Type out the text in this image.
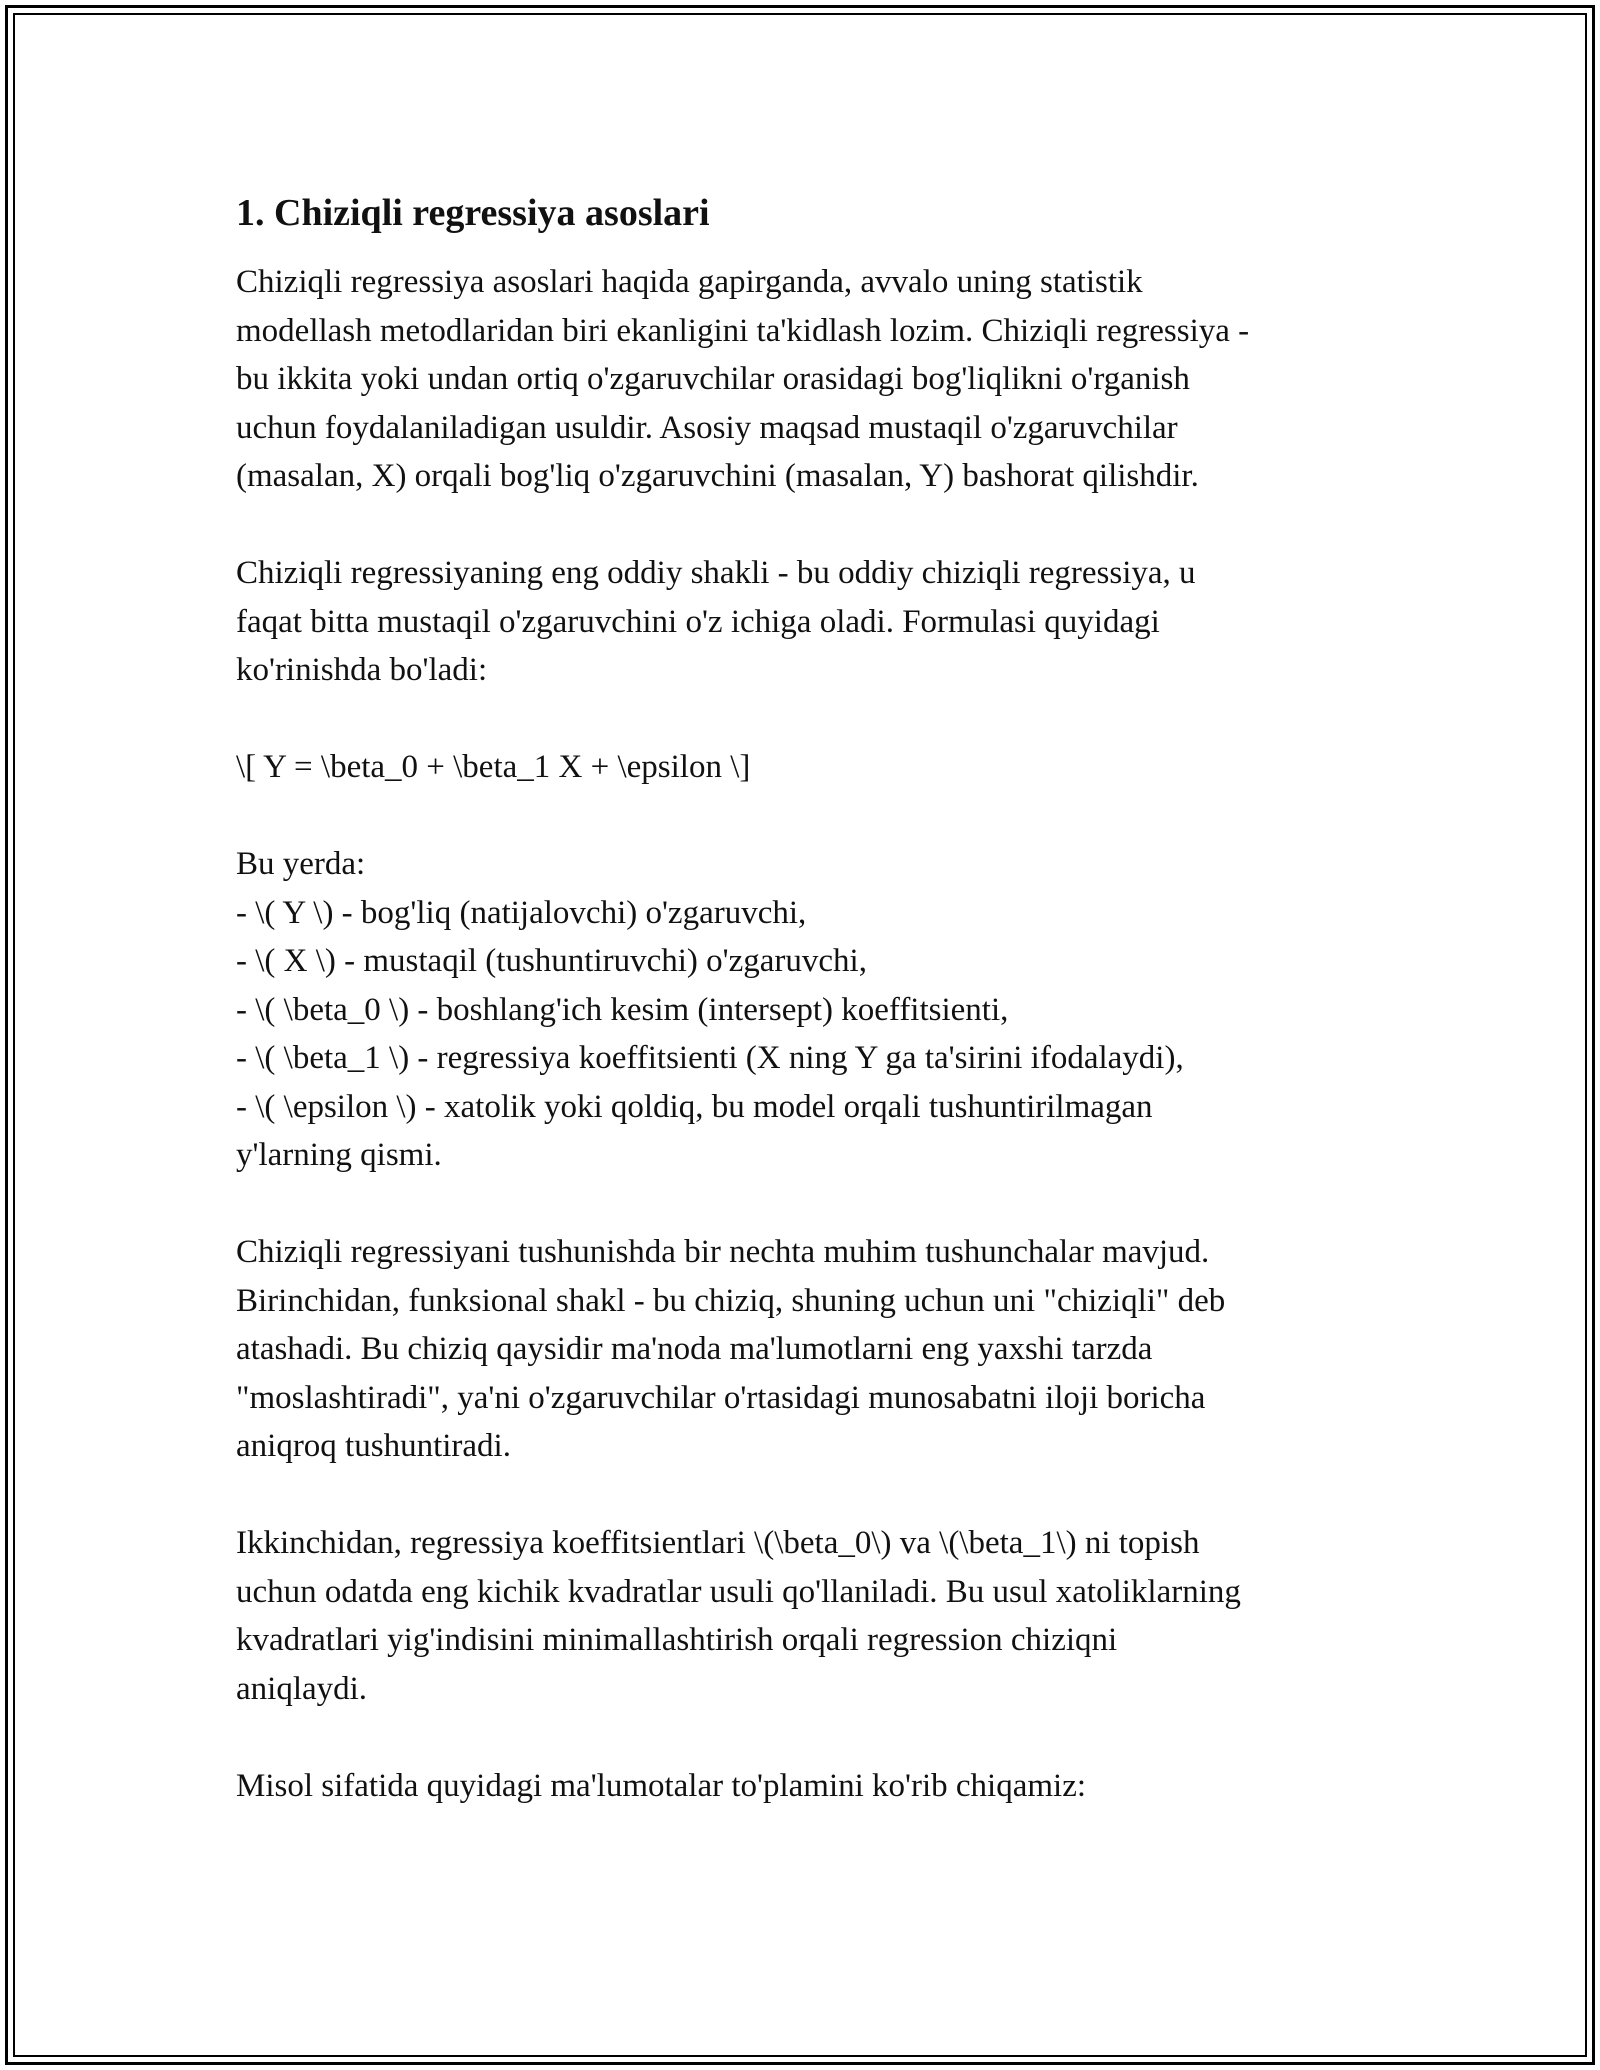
1. Chiziqli regressiya asoslari

Chiziqli regressiya asoslari haqida gapirganda, avvalo uning statistik
modellash metodlaridan biri ekanligini ta'kidlash lozim. Chiziqli regressiya -
bu ikkita yoki undan ortiq o'zgaruvchilar orasidagi bog'liqlikni o'rganish
uchun foydalaniladigan usuldir. Asosiy maqsad mustaqil o'zgaruvchilar
(masalan, X) orqali bog'liq o'zgaruvchini (masalan, Y) bashorat qilishdir.

Chiziqli regressiyaning eng oddiy shakli - bu oddiy chiziqli regressiya, u
faqat bitta mustaqil o'zgaruvchini o'z ichiga oladi. Formulasi quyidagi
ko'rinishda bo'ladi:

\[ Y = \beta_0 + \beta_1 X + \epsilon \]

Bu yerda:
- \( Y \) - bog'liq (natijalovchi) o'zgaruvchi,
- \( X \) - mustaqil (tushuntiruvchi) o'zgaruvchi,
- \( \beta_0 \) - boshlang'ich kesim (intersept) koeffitsienti,
- \( \beta_1 \) - regressiya koeffitsienti (X ning Y ga ta'sirini ifodalaydi),
- \( \epsilon \) - xatolik yoki qoldiq, bu model orqali tushuntirilmagan
y'larning qismi.

Chiziqli regressiyani tushunishda bir nechta muhim tushunchalar mavjud.
Birinchidan, funksional shakl - bu chiziq, shuning uchun uni "chiziqli" deb
atashadi. Bu chiziq qaysidir ma'noda ma'lumotlarni eng yaxshi tarzda
"moslashtiradi", ya'ni o'zgaruvchilar o'rtasidagi munosabatni iloji boricha
aniqroq tushuntiradi.

Ikkinchidan, regressiya koeffitsientlari \(\beta_0\) va \(\beta_1\) ni topish
uchun odatda eng kichik kvadratlar usuli qo'llaniladi. Bu usul xatoliklarning
kvadratlari yig'indisini minimallashtirish orqali regression chiziqni
aniqlaydi.

Misol sifatida quyidagi ma'lumotalar to'plamini ko'rib chiqamiz:
